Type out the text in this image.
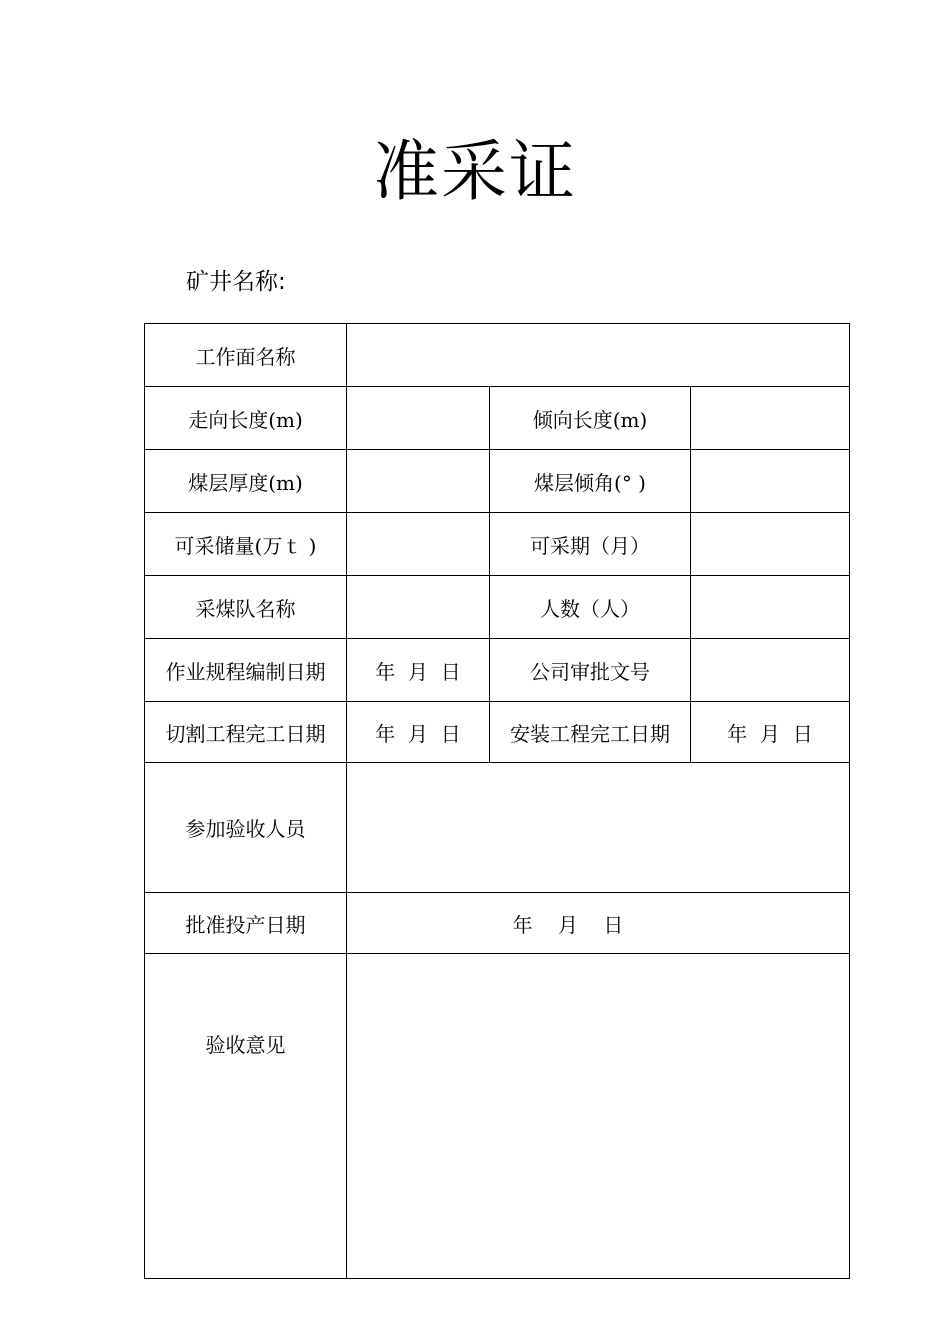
准采证
矿井名称:
工作面名称			
走向长度(m)		倾向长度(m)	
煤层厚度(m)		煤层倾角(° )	
可采储量(万ｔ )		可采期（月）	
采煤队名称		人数（人）	
作业规程编制日期	年  月  日	公司审批文号	
切割工程完工日期	年  月  日	安装工程完工日期	年  月  日
参加验收人员			
批准投产日期	年    月    日		
验收意见			
